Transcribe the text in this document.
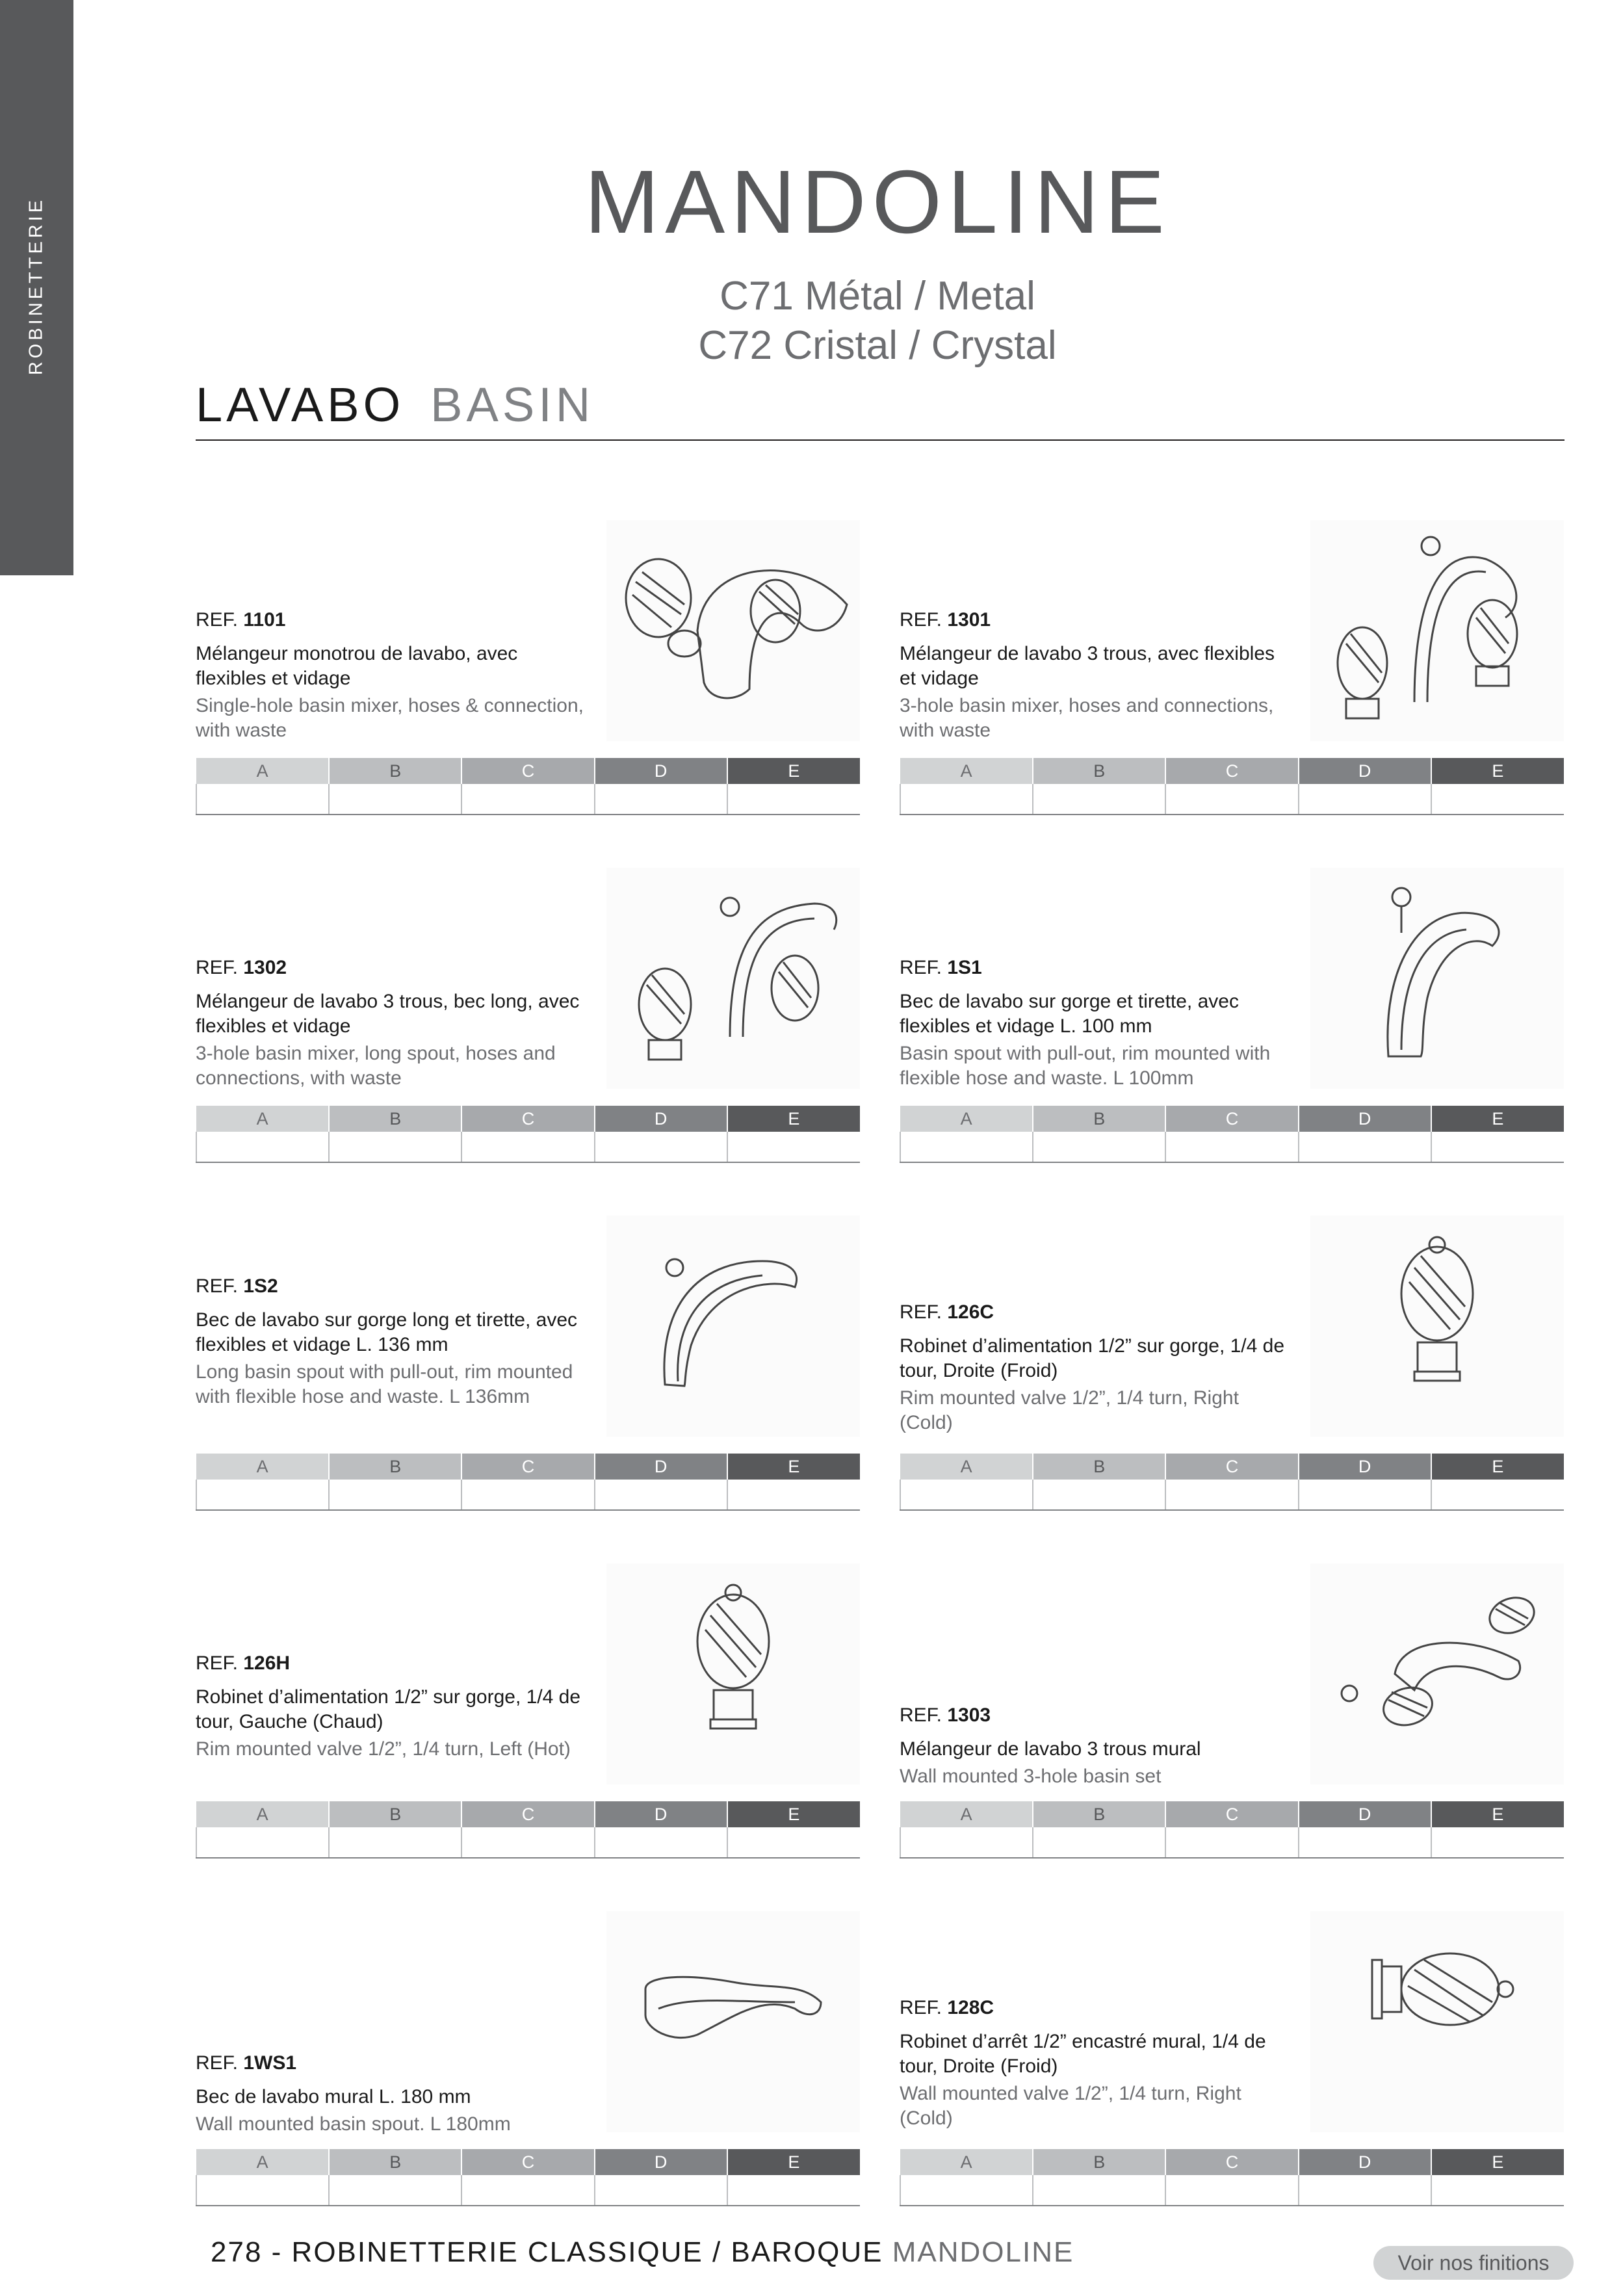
ROBINETTERIE	MANDOLINE
C71 Métal / Metal
C72 Cristal / Crystal
LAVABO BASIN
REF. 1101
Mélangeur monotrou de lavabo, avec flexibles et vidage
Single-hole basin mixer, hoses & connection, with waste
A	B	C	D	E

REF. 1301
Mélangeur de lavabo 3 trous, avec flexibles et vidage
3-hole basin mixer, hoses and connections, with waste
A	B	C	D	E

REF. 1302
Mélangeur de lavabo 3 trous, bec long, avec flexibles et vidage
3-hole basin mixer, long spout, hoses and connections, with waste
A	B	C	D	E

REF. 1S1
Bec de lavabo sur gorge et tirette, avec flexibles et vidage L. 100 mm
Basin spout with pull-out, rim mounted with flexible hose and waste. L 100mm
A	B	C	D	E

REF. 1S2
Bec de lavabo sur gorge long et tirette, avec flexibles et vidage L. 136 mm
Long basin spout with pull-out, rim mounted with flexible hose and waste. L 136mm
A	B	C	D	E

REF. 126C
Robinet d’alimentation 1/2” sur gorge, 1/4 de tour, Droite (Froid)
Rim mounted valve 1/2”, 1/4 turn, Right (Cold)
A	B	C	D	E

REF. 126H
Robinet d’alimentation 1/2” sur gorge, 1/4 de tour, Gauche (Chaud)
Rim mounted valve 1/2”, 1/4 turn, Left (Hot)
A	B	C	D	E

REF. 1303
Mélangeur de lavabo 3 trous mural
Wall mounted 3-hole basin set
A	B	C	D	E

REF. 1WS1
Bec de lavabo mural L. 180 mm
Wall mounted basin spout. L 180mm
A	B	C	D	E

REF. 128C
Robinet d’arrêt 1/2” encastré mural, 1/4 de tour, Droite (Froid)
Wall mounted valve 1/2”, 1/4 turn, Right (Cold)
A	B	C	D	E

278 - ROBINETTERIE CLASSIQUE / BAROQUE MANDOLINE	Voir nos finitions
